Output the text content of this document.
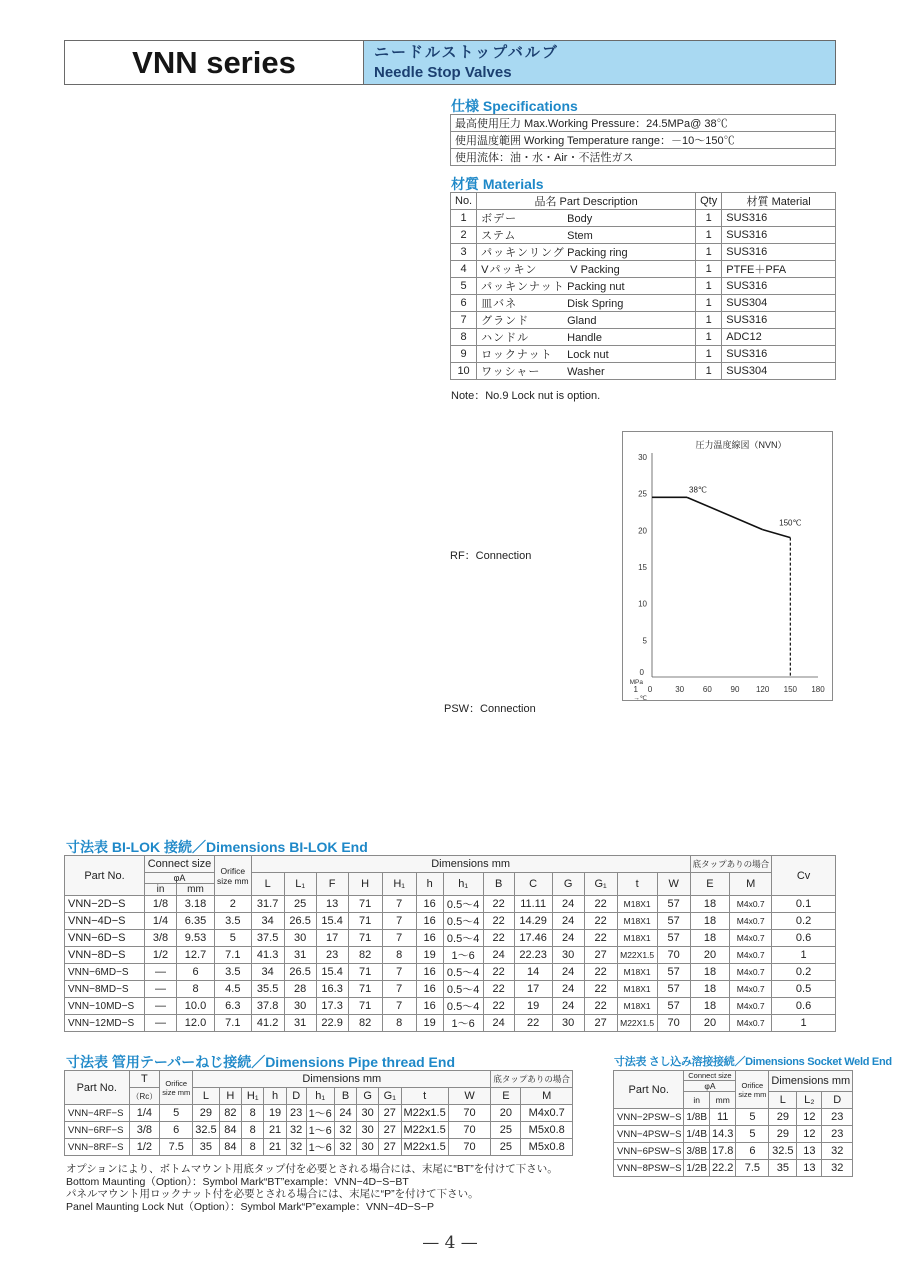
VNN series	ニードルストップバルブ
Needle Stop Valves
仕様 Specifications
最高使用圧力 Max.Working Pressure：24.5MPa@ 38℃
使用温度範囲 Working Temperature range：－10～150℃
使用流体：油・水・Air・不活性ガス
材質 Materials
No.	品名 Part Description	Qty	材質 Material
1	ボデー Body	1	SUS316
2	ステム Stem	1	SUS316
3	パッキンリング Packing ring	1	SUS316
4	Vパッキン V Packing	1	PTFE＋PFA
5	パッキンナット Packing nut	1	SUS316
6	皿バネ Disk Spring	1	SUS304
7	グランド Gland	1	SUS316
8	ハンドル Handle	1	ADC12
9	ロックナット Lock nut	1	SUS316
10	ワッシャー Washer	1	SUS304
Note：No.9 Lock nut is option.
RF：Connection
PSW：Connection
圧力温度線図（NVN）
5
10
15
20
25
30
0
MPa
1
→℃
0	30 60 90 120 150 180
38℃
150℃
寸法表 BI-LOK 接続／Dimensions BI-LOK End
Part No.	Connect size		Orifice
size mm	Dimensions mm													底タップありの場合		Cv
	φA			L	L₁	F	H	H₁	h	h₁	B	C	G	G₁	t	W	E	M	
	in	mm																	
VNN−2D−S	1/8	3.18	2	31.7	25	13	71	7	16	0.5～4	22	11.11	24	22	M18X1	57	18	M4x0.7	0.1
VNN−4D−S	1/4	6.35	3.5	34	26.5	15.4	71	7	16	0.5～4	22	14.29	24	22	M18X1	57	18	M4x0.7	0.2
VNN−6D−S	3/8	9.53	5	37.5	30	17	71	7	16	0.5～4	22	17.46	24	22	M18X1	57	18	M4x0.7	0.6
VNN−8D−S	1/2	12.7	7.1	41.3	31	23	82	8	19	1～6	24	22.23	30	27	M22X1.5	70	20	M4x0.7	1
VNN−6MD−S	—	6	3.5	34	26.5	15.4	71	7	16	0.5～4	22	14	24	22	M18X1	57	18	M4x0.7	0.2
VNN−8MD−S	—	8	4.5	35.5	28	16.3	71	7	16	0.5～4	22	17	24	22	M18X1	57	18	M4x0.7	0.5
VNN−10MD−S	—	10.0	6.3	37.8	30	17.3	71	7	16	0.5～4	22	19	24	22	M18X1	57	18	M4x0.7	0.6
VNN−12MD−S	—	12.0	7.1	41.2	31	22.9	82	8	19	1～6	24	22	30	27	M22X1.5	70	20	M4x0.7	1
寸法表 管用テーパーねじ接続／Dimensions Pipe thread End
Part No.	T	Orifice
size mm	Dimensions mm											底タップありの場合	
	（Rc）		L	H	H₁	h	D	h₁	B	G	G₁	t	W	E	M
VNN−4RF−S	1/4	5	29	82	8	19	23	1～6	24	30	27	M22x1.5	70	20	M4x0.7
VNN−6RF−S	3/8	6	32.5	84	8	21	32	1～6	32	30	27	M22x1.5	70	25	M5x0.8
VNN−8RF−S	1/2	7.5	35	84	8	21	32	1～6	32	30	27	M22x1.5	70	25	M5x0.8
寸法表 さし込み溶接接続／Dimensions Socket Weld End
Part No.	Connect size		Orifice
size mm	Dimensions mm		
	φA					
	in	mm		L	L₂	D
VNN−2PSW−S	1/8B	11	5	29	12	23
VNN−4PSW−S	1/4B	14.3	5	29	12	23
VNN−6PSW−S	3/8B	17.8	6	32.5	13	32
VNN−8PSW−S	1/2B	22.2	7.5	35	13	32
オプションにより、ボトムマウント用底タップ付を必要とされる場合には、末尾に“BT”を付けて下さい。
Bottom Maunting（Option）：Symbol Mark“BT”example：VNN−4D−S−BT
パネルマウント用ロックナット付を必要とされる場合には、末尾に“P”を付けて下さい。
Panel Maunting Lock Nut（Option）：Symbol Mark“P”example：VNN−4D−S−P
— 4 —
